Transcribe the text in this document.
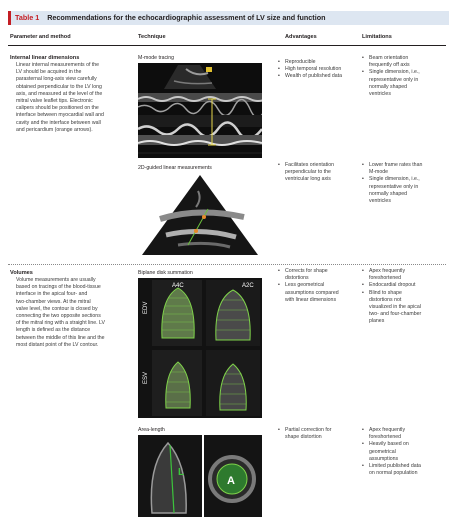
Table 1 Recommendations for the echocardiographic assessment of LV size and function
Parameter and method	Technique	Advantages	Limitations
Internal linear dimensions
Linear internal measurements of the
LV should be acquired in the
parasternal long-axis view carefully
obtained perpendicular to the LV long
axis, and measured at the level of the
mitral valve leaflet tips. Electronic
calipers should be positioned on the
interface between myocardial wall and
cavity and the interface between wall
and pericardium (orange arrows).
M-mode tracing
• Reproducible
• High temporal resolution
• Wealth of published data
• Beam orientation
frequently off axis
• Single dimension, i.e.,
representative only in
normally shaped
ventricles
2D-guided linear measurements
•	Facilitates orientation
perpendicular to the
ventricular long axis
• Lower frame rates than
M-mode
• Single dimension, i.e.,
representative only in
normally shaped
ventricles
Volumes
Volume measurements are usually
based on tracings of the blood-tissue
interface in the apical four- and
two-chamber views. At the mitral
valve level, the contour is closed by
connecting the two opposite sections
of the mitral ring with a straight line. LV
length is defined as the distance
between the middle of this line and the
most distant point of the LV contour.
Biplane disk summation
A4C	A2C
EDV
ESV
• Corrects for shape
distortions
• Less geometrical
assumptions compared
with linear dimensions
• Apex frequently
foreshortened
• Endocardial dropout
• Blind to shape
distortions not
visualized in the apical
two- and four-chamber
planes
Area-length
L
A
• Partial correction for
shape distortion
• Apex frequently
foreshortened
• Heavily based on
geometrical
assumptions
• Limited published data
on normal population
